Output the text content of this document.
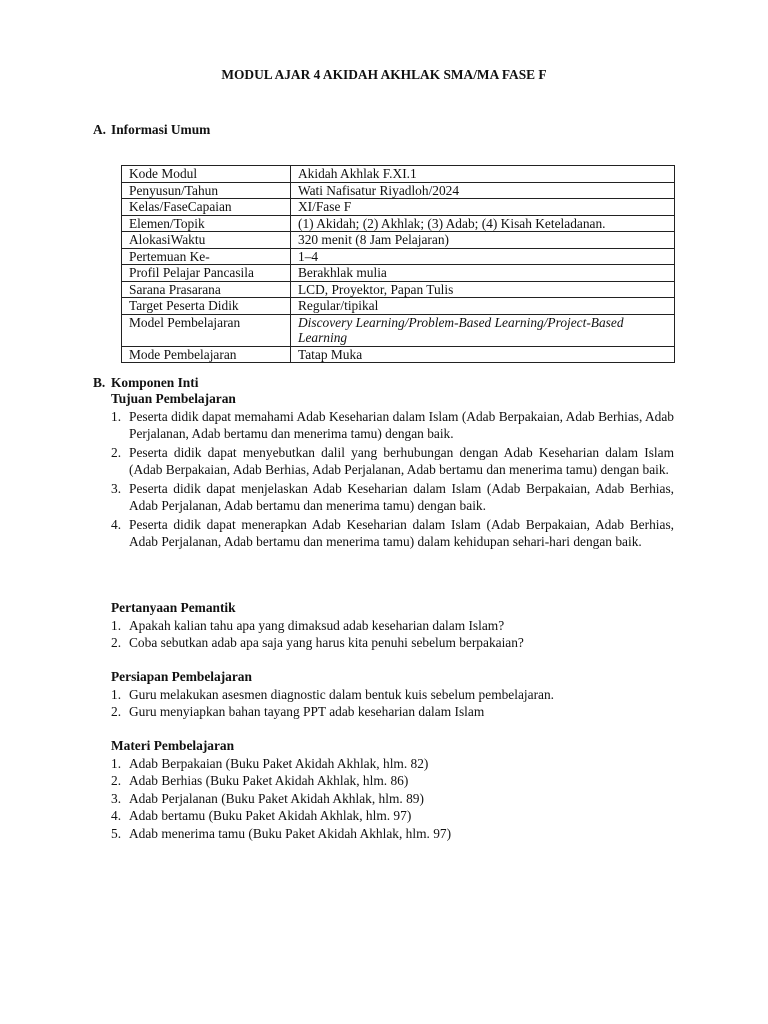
MODUL AJAR 4 AKIDAH AKHLAK SMA/MA FASE F
A. Informasi Umum
Kode Modul	Akidah Akhlak F.XI.1
Penyusun/Tahun	Wati Nafisatur Riyadloh/2024
Kelas/FaseCapaian	XI/Fase F
Elemen/Topik	(1) Akidah; (2) Akhlak; (3) Adab; (4) Kisah Keteladanan.
AlokasiWaktu	320 menit (8 Jam Pelajaran)
Pertemuan Ke-	1–4
Profil Pelajar Pancasila	Berakhlak mulia
Sarana Prasarana	LCD, Proyektor, Papan Tulis
Target Peserta Didik	Regular/tipikal
Model Pembelajaran	Discovery Learning/Problem-Based Learning/Project-Based Learning
Mode Pembelajaran	Tatap Muka
B. Komponen Inti
Tujuan Pembelajaran
1. Peserta didik dapat memahami Adab Keseharian dalam Islam (Adab Berpakaian, Adab Berhias, Adab Perjalanan, Adab bertamu dan menerima tamu) dengan baik.
2. Peserta didik dapat menyebutkan dalil yang berhubungan dengan Adab Keseharian dalam Islam (Adab Berpakaian, Adab Berhias, Adab Perjalanan, Adab bertamu dan menerima tamu) dengan baik.
3. Peserta didik dapat menjelaskan Adab Keseharian dalam Islam (Adab Berpakaian, Adab Berhias, Adab Perjalanan, Adab bertamu dan menerima tamu) dengan baik.
4. Peserta didik dapat menerapkan Adab Keseharian dalam Islam (Adab Berpakaian, Adab Berhias, Adab Perjalanan, Adab bertamu dan menerima tamu) dalam kehidupan sehari-hari dengan baik.
Pertanyaan Pemantik
1. Apakah kalian tahu apa yang dimaksud adab keseharian dalam Islam?
2. Coba sebutkan adab apa saja yang harus kita penuhi sebelum berpakaian?
Persiapan Pembelajaran
1. Guru melakukan asesmen diagnostic dalam bentuk kuis sebelum pembelajaran.
2. Guru menyiapkan bahan tayang PPT adab keseharian dalam Islam
Materi Pembelajaran
1. Adab Berpakaian (Buku Paket Akidah Akhlak, hlm. 82)
2. Adab Berhias (Buku Paket Akidah Akhlak, hlm. 86)
3. Adab Perjalanan (Buku Paket Akidah Akhlak, hlm. 89)
4. Adab bertamu (Buku Paket Akidah Akhlak, hlm. 97)
5. Adab menerima tamu (Buku Paket Akidah Akhlak, hlm. 97)
